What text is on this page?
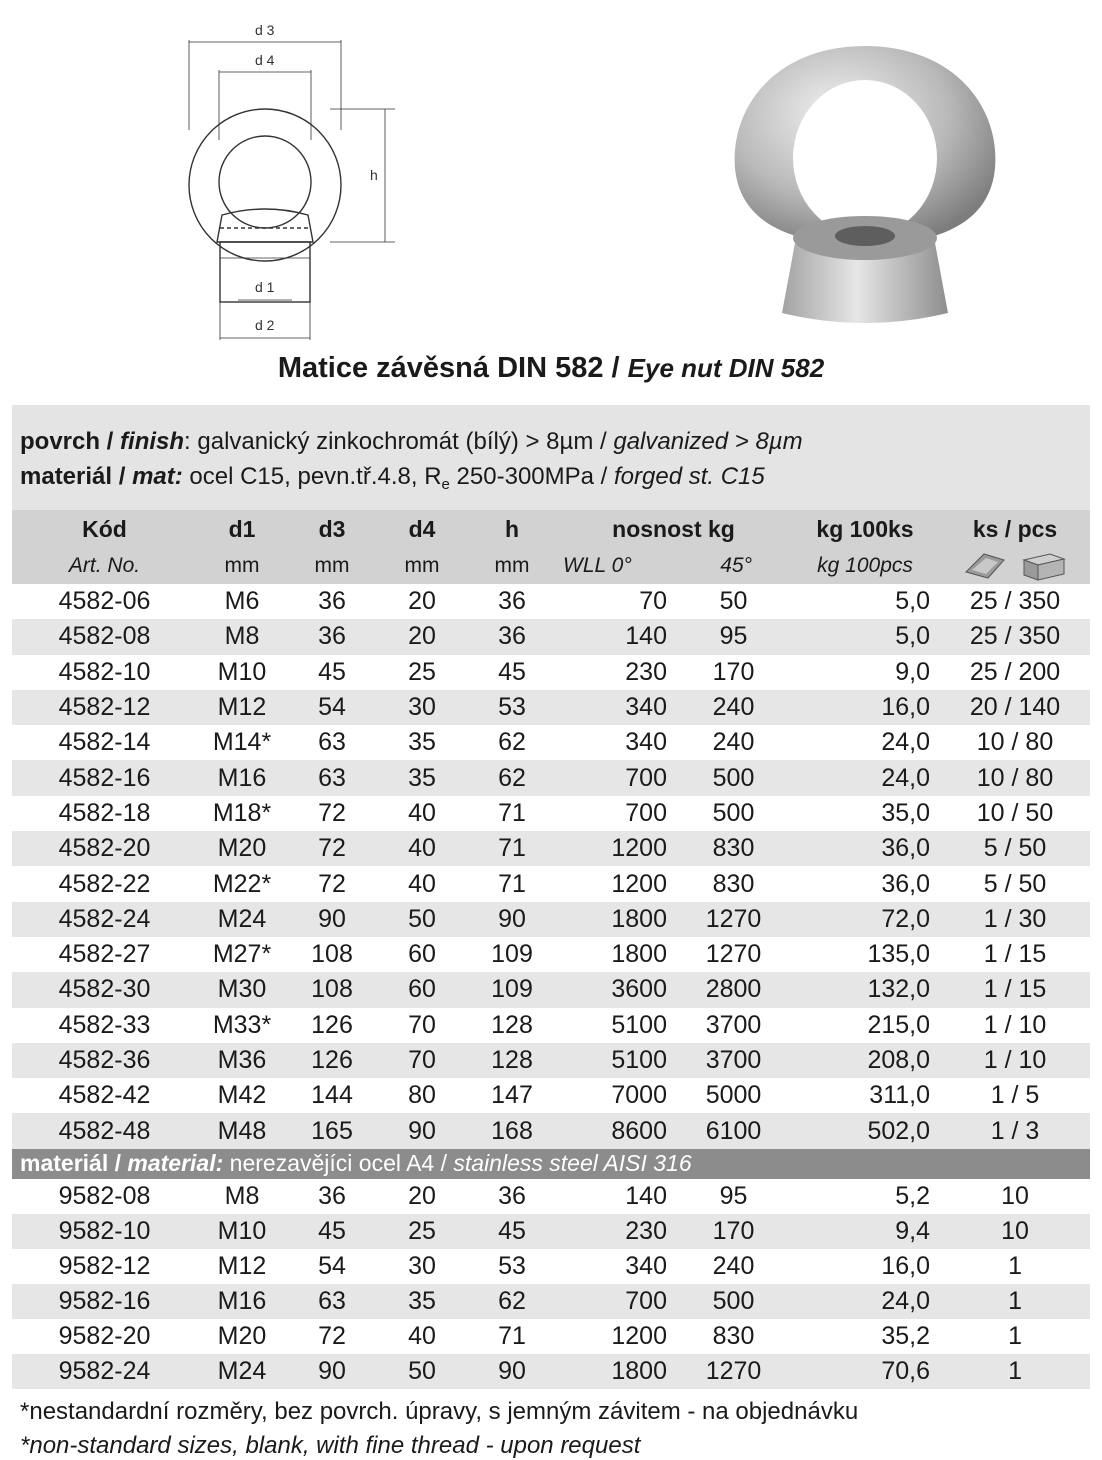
d 3
d 4
h
d 1
d 2
Matice závěsná DIN 582 / Eye nut DIN 582
povrch / finish: galvanický zinkochromát (bílý) > 8µm / galvanized > 8µm
materiál / mat: ocel C15, pevn.tř.4.8, $R_e$ 250-300MPa / forged st. C15
Kód	d1	d3	d4	h	nosnost kg		kg 100ks	ks / pcs
Art. No.	mm	mm	mm	mm	WLL 0° 45°		kg 100pcs	

4582-06	M6	36	20	36	70	50	5,0	25 / 350
4582-08	M8	36	20	36	140	95	5,0	25 / 350
4582-10	M10	45	25	45	230	170	9,0	25 / 200
4582-12	M12	54	30	53	340	240	16,0	20 / 140
4582-14	M14*	63	35	62	340	240	24,0	10 / 80
4582-16	M16	63	35	62	700	500	24,0	10 / 80
4582-18	M18*	72	40	71	700	500	35,0	10 / 50
4582-20	M20	72	40	71	1200	830	36,0	5 / 50
4582-22	M22*	72	40	71	1200	830	36,0	5 / 50
4582-24	M24	90	50	90	1800	1270	72,0	1 / 30
4582-27	M27*	108	60	109	1800	1270	135,0	1 / 15
4582-30	M30	108	60	109	3600	2800	132,0	1 / 15
4582-33	M33*	126	70	128	5100	3700	215,0	1 / 10
4582-36	M36	126	70	128	5100	3700	208,0	1 / 10
4582-42	M42	144	80	147	7000	5000	311,0	1 / 5
4582-48	M48	165	90	168	8600	6100	502,0	1 / 3
materiál / material: nerezavějíci ocel A4 / stainless steel AISI 316								
9582-08	M8	36	20	36	140	95	5,2	10
9582-10	M10	45	25	45	230	170	9,4	10
9582-12	M12	54	30	53	340	240	16,0	1
9582-16	M16	63	35	62	700	500	24,0	1
9582-20	M20	72	40	71	1200	830	35,2	1
9582-24	M24	90	50	90	1800	1270	70,6	1
*nestandardní rozměry, bez povrch. úpravy, s jemným závitem - na objednávku
*non-standard sizes, blank, with fine thread - upon request
